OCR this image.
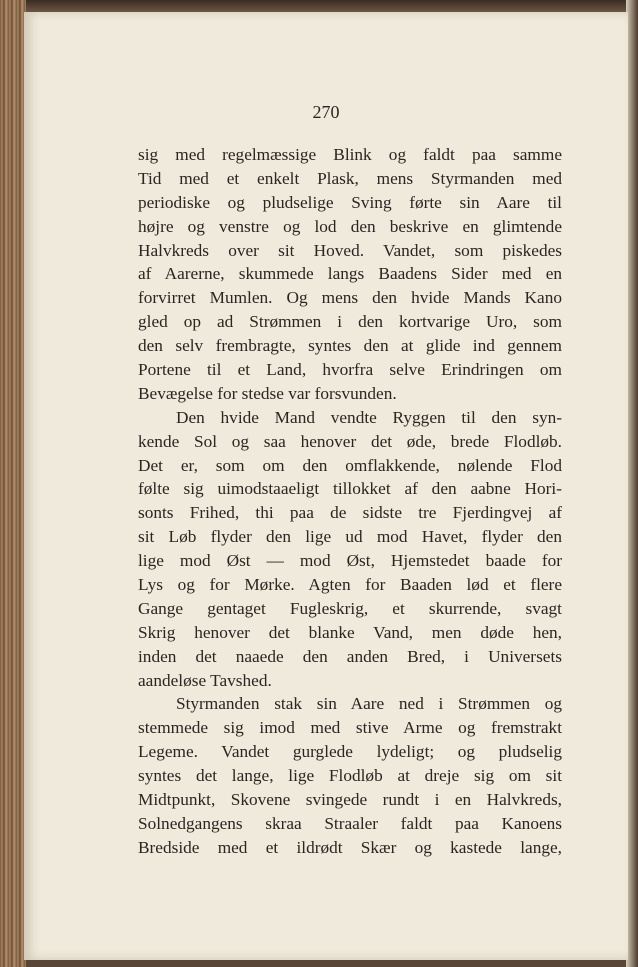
270
sig med regelmæssige Blink og faldt paa samme
Tid med et enkelt Plask, mens Styrmanden med
periodiske og pludselige Sving førte sin Aare til
højre og venstre og lod den beskrive en glimtende
Halvkreds over sit Hoved. Vandet, som piskedes
af Aarerne, skummede langs Baadens Sider med en
forvirret Mumlen. Og mens den hvide Mands Kano
gled op ad Strømmen i den kortvarige Uro, som
den selv frembragte, syntes den at glide ind gennem
Portene til et Land, hvorfra selve Erindringen om
Bevægelse for stedse var forsvunden.
Den hvide Mand vendte Ryggen til den syn-
kende Sol og saa henover det øde, brede Flodløb.
Det er, som om den omflakkende, nølende Flod
følte sig uimodstaaeligt tillokket af den aabne Hori-
sonts Frihed, thi paa de sidste tre Fjerdingvej af
sit Løb flyder den lige ud mod Havet, flyder den
lige mod Øst — mod Øst, Hjemstedet baade for
Lys og for Mørke. Agten for Baaden lød et flere
Gange gentaget Fugleskrig, et skurrende, svagt
Skrig henover det blanke Vand, men døde hen,
inden det naaede den anden Bred, i Universets
aandeløse Tavshed.
Styrmanden stak sin Aare ned i Strømmen og
stemmede sig imod med stive Arme og fremstrakt
Legeme. Vandet gurglede lydeligt; og pludselig
syntes det lange, lige Flodløb at dreje sig om sit
Midtpunkt, Skovene svingede rundt i en Halvkreds,
Solnedgangens skraa Straaler faldt paa Kanoens
Bredside med et ildrødt Skær og kastede lange,
